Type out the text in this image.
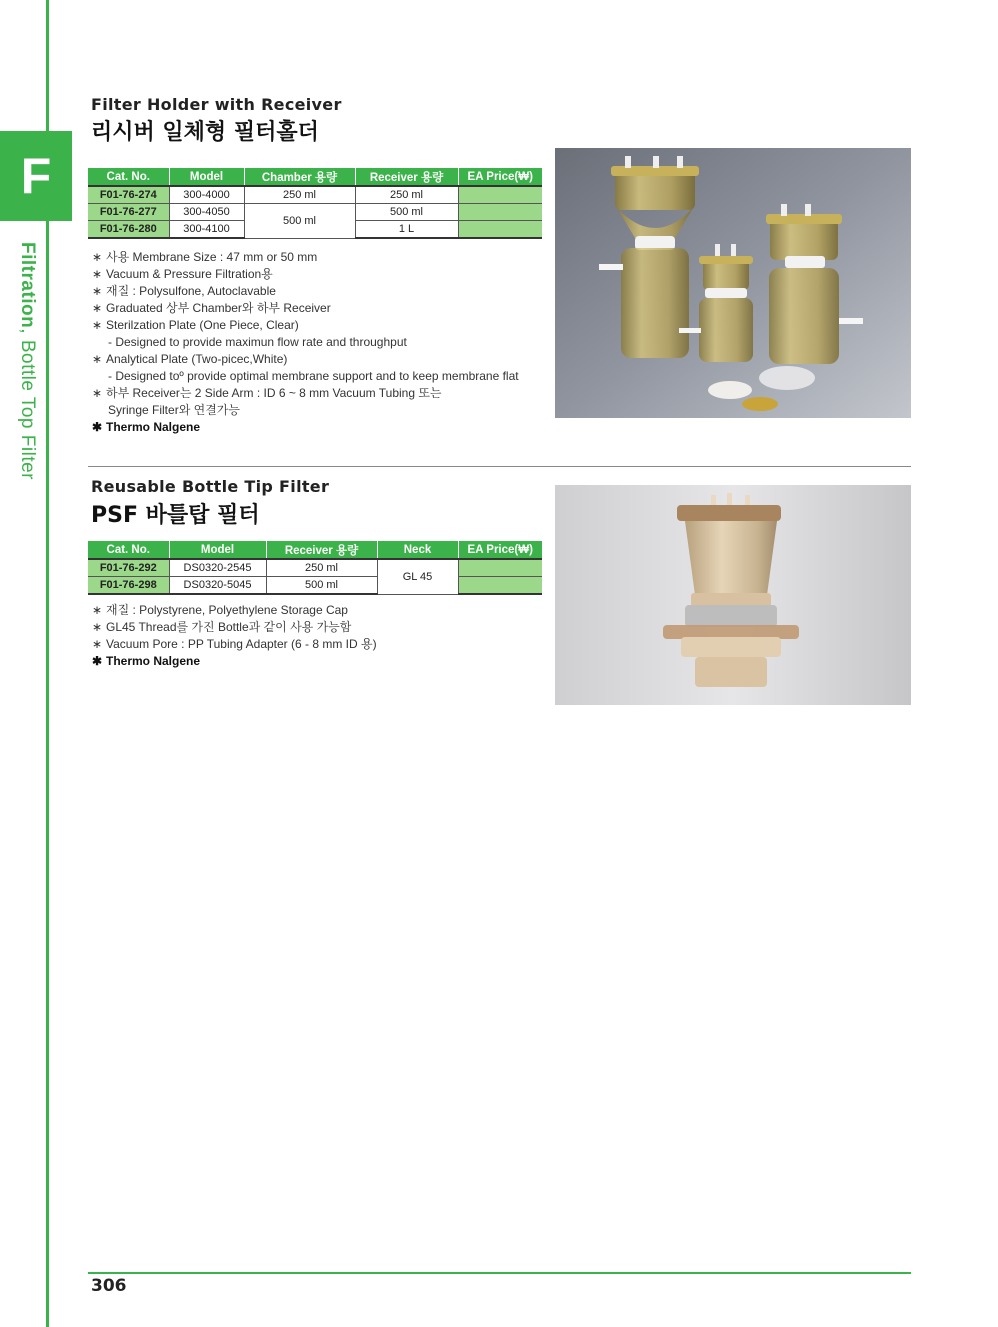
F
Filtration, Bottle Top Filter
Filter Holder with Receiver
리시버 일체형 필터홀더
Cat. No.	Model	Chamber 용량	Receiver 용량	EA Price(₩)
F01-76-274	300-4000	250 ml	250 ml	
F01-76-277	300-4050	500 ml	500 ml	
F01-76-280	300-4100		1 L	
∗ 사용 Membrane Size : 47 mm or 50 mm
∗ Vacuum & Pressure Filtration용
∗ 재질 : Polysulfone, Autoclavable
∗ Graduated 상부 Chamber와 하부 Receiver
∗ Sterilzation Plate (One Piece, Clear)
- Designed to provide maximun flow rate and throughput
∗ Analytical Plate (Two-picec,White)
- Designed toº provide optimal membrane support and to keep membrane flat
∗ 하부 Receiver는 2 Side Arm : ID 6 ~ 8 mm Vacuum Tubing 또는
Syringe Filter와 연결가능
✱ Thermo Nalgene
Reusable Bottle Tip Filter
PSF 바틀탑 필터
Cat. No.	Model	Receiver 용량	Neck	EA Price(₩)
F01-76-292	DS0320-2545	250 ml	GL 45	
F01-76-298	DS0320-5045	500 ml		
∗ 재질 : Polystyrene, Polyethylene Storage Cap
∗ GL45 Thread를 가진 Bottle과 같이 사용 가능함
∗ Vacuum Pore : PP Tubing Adapter (6 - 8 mm ID 용)
✱ Thermo Nalgene
306
